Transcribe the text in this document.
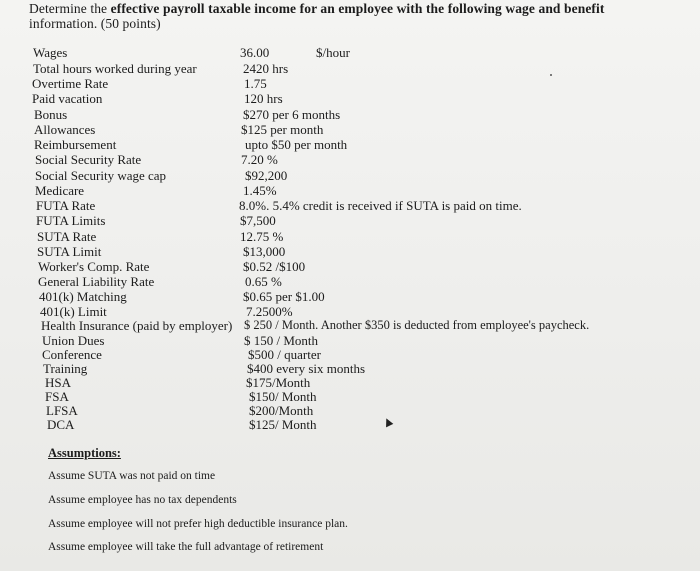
Determine the effective payroll taxable income for an employee with the following wage and benefit
information. (50 points)
$/hour
Wages
Total hours worked during year
Overtime Rate
Paid vacation
Bonus
Allowances
Reimbursement
Social Security Rate
Social Security wage cap
Medicare
FUTA Rate
FUTA Limits
SUTA Rate
SUTA Limit
Worker's Comp. Rate
General Liability Rate
401(k) Matching
401(k) Limit
Health Insurance (paid by employer)
Union Dues
Conference
Training
HSA
FSA
LFSA
DCA
36.00
2420 hrs
1.75
120 hrs
$270 per 6 months
$125 per month
upto $50 per month
7.20 %
$92,200
1.45%
8.0%. 5.4% credit is received if SUTA is paid on time.
$7,500
12.75 %
$13,000
$0.52 /$100
0.65 %
$0.65 per $1.00
7.2500%
$ 250 / Month. Another $350 is deducted from employee's paycheck.
$ 150 / Month
$500 / quarter
$400 every six months
$175/Month
$150/ Month
$200/Month
$125/ Month
Assumptions:
Assume SUTA was not paid on time
Assume employee has no tax dependents
Assume employee will not prefer high deductible insurance plan.
Assume employee will take the full advantage of retirement
